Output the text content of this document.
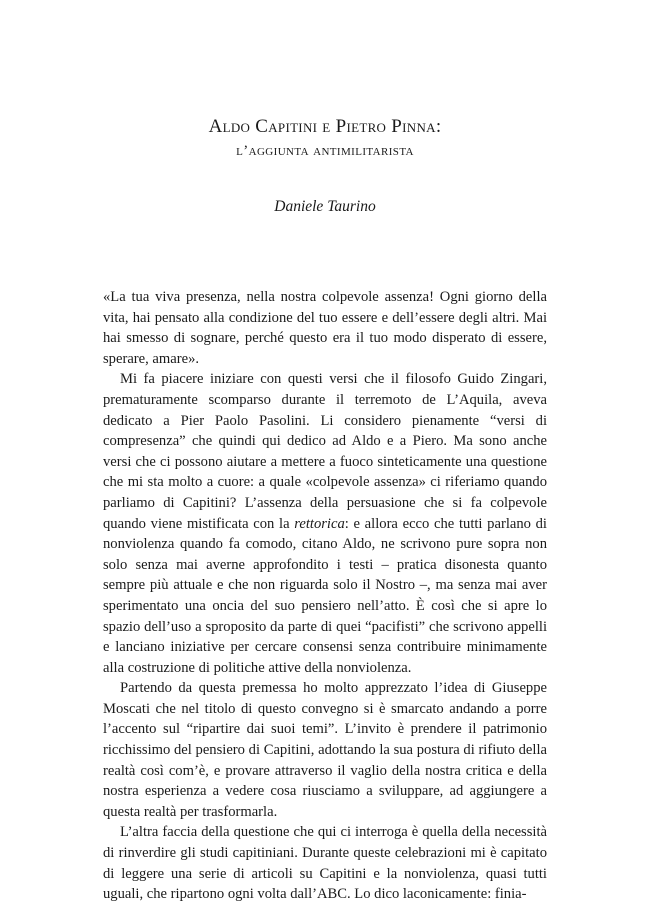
Aldo Capitini e Pietro Pinna:
l’aggiunta antimilitarista
Daniele Taurino

«La tua viva presenza, nella nostra colpevole assenza! Ogni giorno della vita, hai pensato alla condizione del tuo essere e dell’essere degli altri. Mai hai smesso di sognare, perché questo era il tuo modo disperato di essere, sperare, amare».

Mi fa piacere iniziare con questi versi che il filosofo Guido Zingari, prematuramente scomparso durante il terremoto de L’Aquila, aveva dedicato a Pier Paolo Pasolini. Li considero pienamente “versi di compresenza” che quindi qui dedico ad Aldo e a Piero. Ma sono anche versi che ci possono aiutare a mettere a fuoco sinteticamente una questione che mi sta molto a cuore: a quale «colpevole assenza» ci riferiamo quando parliamo di Capitini? L’assenza della persuasione che si fa colpevole quando viene mistificata con la rettorica: e allora ecco che tutti parlano di nonviolenza quando fa comodo, citano Aldo, ne scrivono pure sopra non solo senza mai averne approfondito i testi – pratica disonesta quanto sempre più attuale e che non riguarda solo il Nostro –, ma senza mai aver sperimentato una oncia del suo pensiero nell’atto. È così che si apre lo spazio dell’uso a sproposito da parte di quei “pacifisti” che scrivono appelli e lanciano iniziative per cercare consensi senza contribuire minimamente alla costruzione di politiche attive della nonviolenza.

Partendo da questa premessa ho molto apprezzato l’idea di Giuseppe Moscati che nel titolo di questo convegno si è smarcato andando a porre l’accento sul “ripartire dai suoi temi”. L’invito è prendere il patrimonio ricchissimo del pensiero di Capitini, adottando la sua postura di rifiuto della realtà così com’è, e provare attraverso il vaglio della nostra critica e della nostra esperienza a vedere cosa riusciamo a sviluppare, ad aggiungere a questa realtà per trasformarla.

L’altra faccia della questione che qui ci interroga è quella della necessità di rinverdire gli studi capitiniani. Durante queste celebrazioni mi è capitato di leggere una serie di articoli su Capitini e la nonviolenza, quasi tutti uguali, che ripartono ogni volta dall’ABC. Lo dico laconicamente: finia-
